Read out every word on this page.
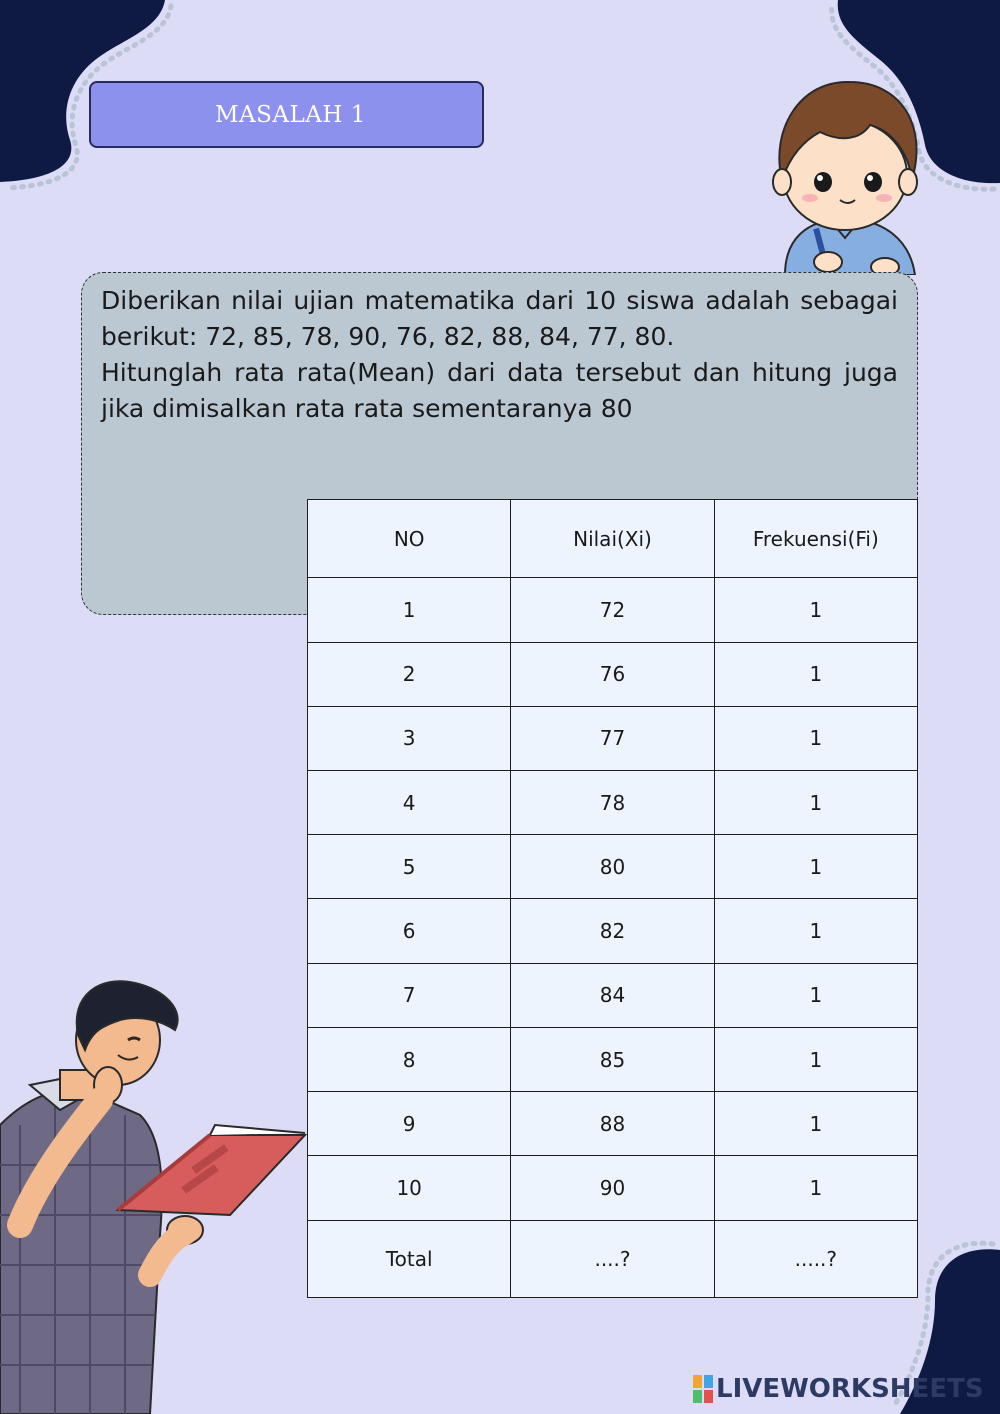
MASALAH 1

Diberikan nilai ujian matematika dari 10 siswa adalah sebagai berikut: 72, 85, 78, 90, 76, 82, 88, 84, 77, 80.

Hitunglah rata rata(Mean) dari data tersebut dan hitung juga jika dimisalkan rata rata sementaranya 80

NO	Nilai(Xi)	Frekuensi(Fi)
1	72	1
2	76	1
3	77	1
4	78	1
5	80	1
6	82	1
7	84	1
8	85	1
9	88	1
10	90	1
Total	....?	.....?
LIVEWORKSHEETS
